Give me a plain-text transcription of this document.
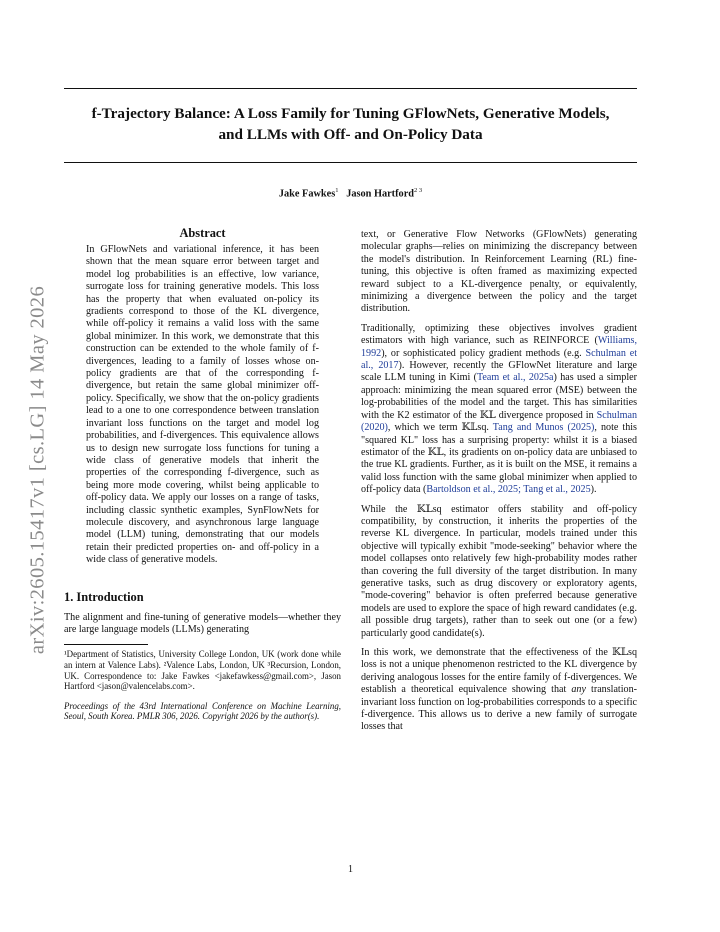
arXiv:2605.15417v1 [cs.LG] 14 May 2026
f-Trajectory Balance: A Loss Family for Tuning GFlowNets, Generative Models,
and LLMs with Off- and On-Policy Data
Jake Fawkes$^1$ Jason Hartford$^{2 3}$
Abstract
In GFlowNets and variational inference, it has been shown that the mean square error between target and model log probabilities is an effective, low variance, surrogate loss for training generative models. This loss has the property that when evaluated on-policy its gradients correspond to those of the KL divergence, while off-policy it remains a valid loss with the same global minimizer. In this work, we demonstrate that this construction can be extended to the whole family of f-divergences, leading to a family of losses whose on-policy gradients are that of the corresponding f-divergence, but retain the same global minimizer off-policy. Specifically, we show that the on-policy gradients lead to a one to one correspondence between translation invariant loss functions on the target and model log probabilities, and f-divergences. This equivalence allows us to design new surrogate loss functions for tuning a wide class of generative models that inherit the properties of the corresponding f-divergence, such as being more mode covering, whilst being applicable to off-policy data. We apply our losses on a range of tasks, including classic synthetic examples, SynFlowNets for molecule discovery, and asynchronous large language model (LLM) tuning, demonstrating that our models retain their predicted properties on- and off-policy in a wide class of generative models.
1. Introduction
The alignment and fine-tuning of generative models—whether they are large language models (LLMs) generating
¹Department of Statistics, University College London, UK (work done while an intern at Valence Labs). ²Valence Labs, London, UK ³Recursion, London, UK. Correspondence to: Jake Fawkes <jakefawkess@gmail.com>, Jason Hartford <jason@valencelabs.com>.
Proceedings of the 43rd International Conference on Machine Learning, Seoul, South Korea. PMLR 306, 2026. Copyright 2026 by the author(s).
text, or Generative Flow Networks (GFlowNets) generating molecular graphs—relies on minimizing the discrepancy between the model's distribution. In Reinforcement Learning (RL) fine-tuning, this objective is often framed as maximizing expected reward subject to a KL-divergence penalty, or equivalently, minimizing a divergence between the policy and the target distribution.
Traditionally, optimizing these objectives involves gradient estimators with high variance, such as REINFORCE (Williams, 1992), or sophisticated policy gradient methods (e.g. Schulman et al., 2017). However, recently the GFlowNet literature and large scale LLM tuning in Kimi (Team et al., 2025a) has used a simpler approach: minimizing the mean squared error (MSE) between the log-probabilities of the model and the target. This has similarities with the K2 estimator of the 𝕂𝕃 divergence proposed in Schulman (2020), which we term 𝕂𝕃sq. Tang and Munos (2025), note this "squared KL" loss has a surprising property: whilst it is a biased estimator of the 𝕂𝕃, its gradients on on-policy data are unbiased to the true KL gradients. Further, as it is built on the MSE, it remains a valid loss function with the same global minimizer when applied to off-policy data (Bartoldson et al., 2025; Tang et al., 2025).
While the 𝕂𝕃sq estimator offers stability and off-policy compatibility, by construction, it inherits the properties of the reverse KL divergence. In particular, models trained under this objective will typically exhibit "mode-seeking" behavior where the model collapses onto relatively few high-probability modes rather than covering the full diversity of the target distribution. In many generative tasks, such as drug discovery or exploratory agents, "mode-covering" behavior is often preferred because generative models are used to explore the space of high reward candidates (e.g. all possible drug targets), rather than to seek out one (or a few) particularly good candidate(s).
In this work, we demonstrate that the effectiveness of the 𝕂𝕃sq loss is not a unique phenomenon restricted to the KL divergence by deriving analogous losses for the entire family of f-divergences. We establish a theoretical equivalence showing that any translation-invariant loss function on log-probabilities corresponds to a specific f-divergence. This allows us to derive a new family of surrogate losses that
1
